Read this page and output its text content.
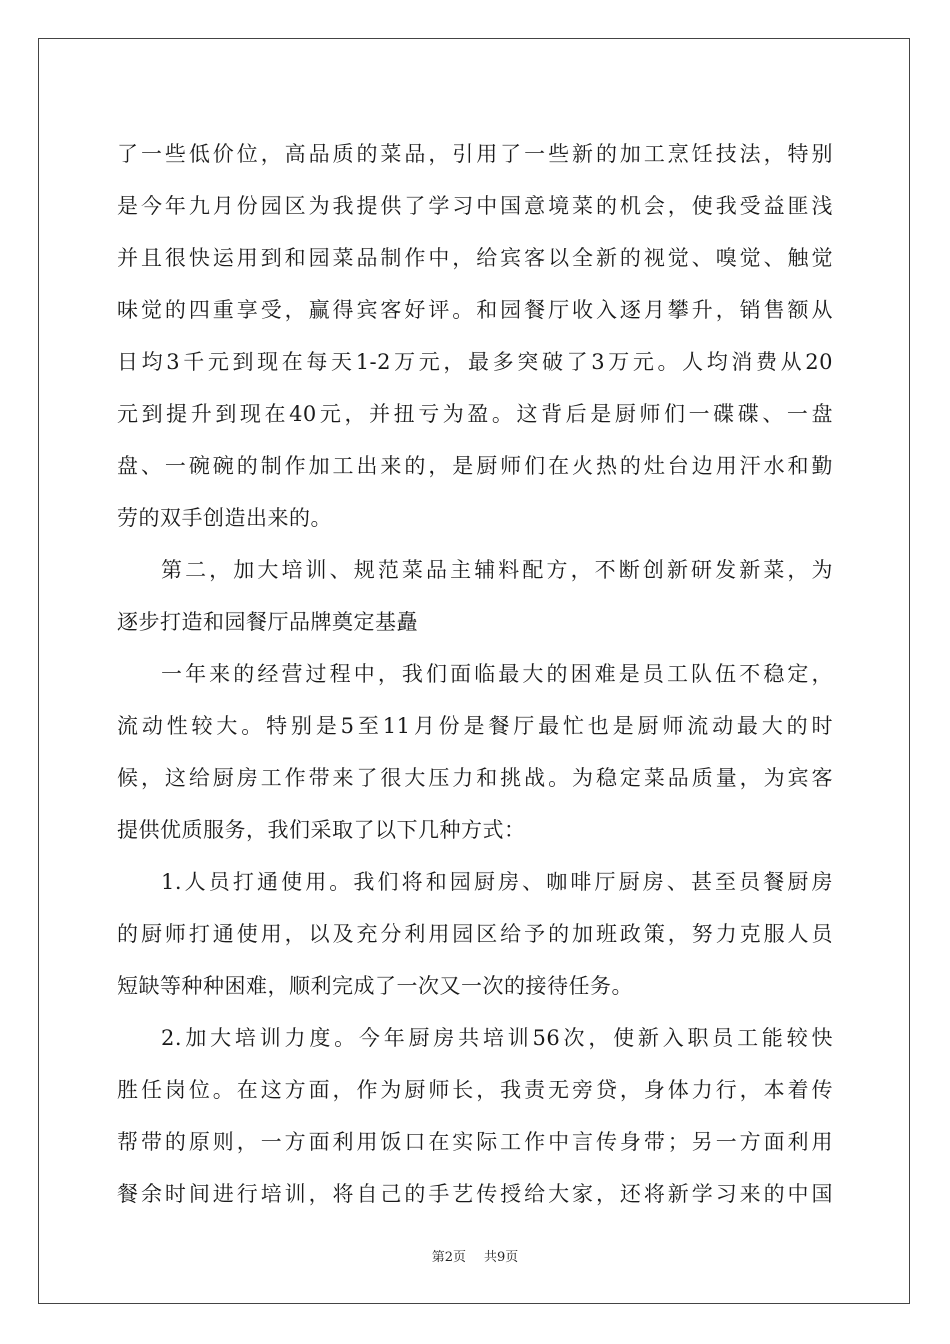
了一些低价位，高品质的菜品，引用了一些新的加工烹饪技法，特别
是今年九月份园区为我提供了学习中国意境菜的机会，使我受益匪浅
并且很快运用到和园菜品制作中，给宾客以全新的视觉、嗅觉、触觉
味觉的四重享受，赢得宾客好评。和园餐厅收入逐月攀升，销售额从
日均3千元到现在每天1-2万元，最多突破了3万元。人均消费从20
元到提升到现在40元，并扭亏为盈。这背后是厨师们一碟碟、一盘
盘、一碗碗的制作加工出来的，是厨师们在火热的灶台边用汗水和勤
劳的双手创造出来的。
第二，加大培训、规范菜品主辅料配方，不断创新研发新菜，为
逐步打造和园餐厅品牌奠定基矗
一年来的经营过程中，我们面临最大的困难是员工队伍不稳定，
流动性较大。特别是5至11月份是餐厅最忙也是厨师流动最大的时
候，这给厨房工作带来了很大压力和挑战。为稳定菜品质量，为宾客
提供优质服务，我们采取了以下几种方式：
1.人员打通使用。我们将和园厨房、咖啡厅厨房、甚至员餐厨房
的厨师打通使用，以及充分利用园区给予的加班政策，努力克服人员
短缺等种种困难，顺利完成了一次又一次的接待任务。
2.加大培训力度。今年厨房共培训56次，使新入职员工能较快
胜任岗位。在这方面，作为厨师长，我责无旁贷，身体力行，本着传
帮带的原则，一方面利用饭口在实际工作中言传身带；另一方面利用
餐余时间进行培训，将自己的手艺传授给大家，还将新学习来的中国
第2页 共9页
